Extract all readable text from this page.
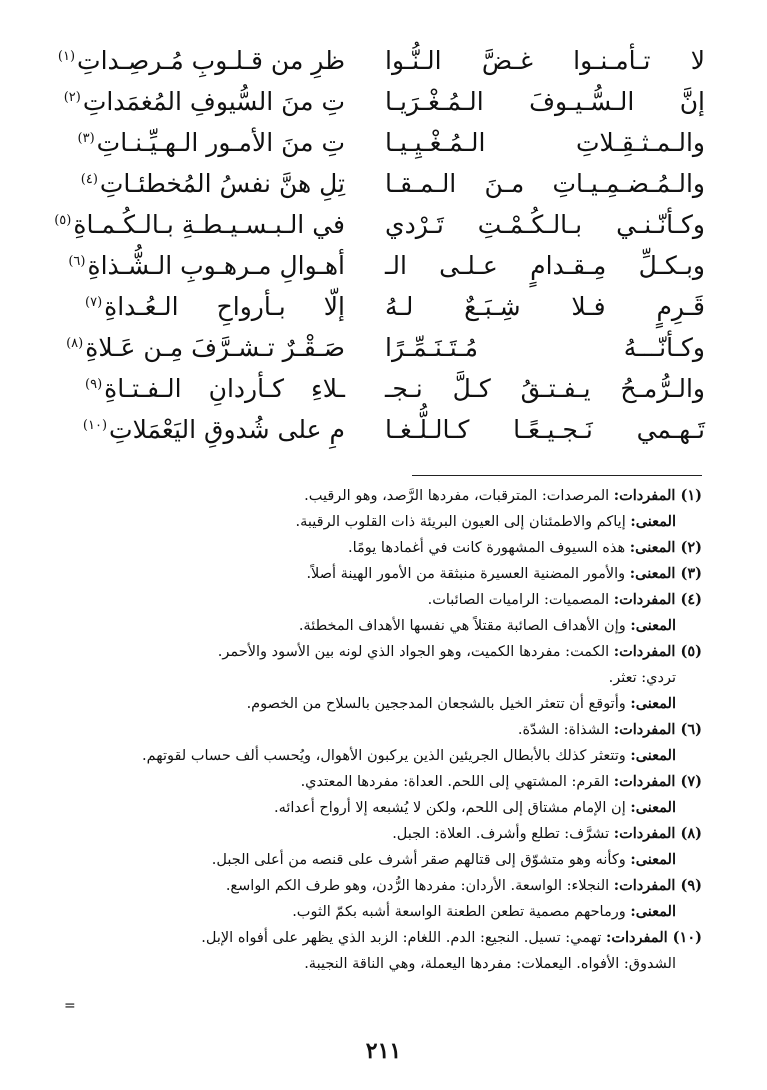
لا تـأمـنـوا غـضَّ الـنُّـوا
ظرِ من قـلـوبِ مُـرصِـداتِ$^{(١)}$
إنَّ الـسُّـيـوفَ الـمُـغْـرَيـا
تِ منَ السُّيوفِ المُغمَداتِ$^{(٢)}$
والـمـثـقِـلاتِ الـمُـغْـيِـيـا
تِ منَ الأمـور الـهـيِّـنـاتِ$^{(٣)}$
والـمُـضـمِـيـاتِ مـنَ الـمـقـا
تِلِ هنَّ نفسُ المُخطئـاتِ$^{(٤)}$
وكـأنّـنـي بـالـكُـمْـتِ تَـرْدي
في الـبـسـيـطـةِ بـالـكُـمـاةِ$^{(٥)}$
وبـكـلِّ مِـقـدامٍ عـلـى الـ
أهـوالِ مـرهـوبِ الـشُّـذاةِ$^{(٦)}$
قَـرِمٍ فـلا شِـبَـعٌ لـهُ
إلّا بـأرواحِ الـعُـداةِ$^{(٧)}$
وكـأنّـــهُ مُـتَـنَـمِّـرًا
صَـقْـرٌ تـشـرَّفَ مِـن عَـلاةِ$^{(٨)}$
والـرُّمـحُ يـفـتـقُ كـلَّ نـجـ
ـلاءِ كـأردانِ الـفـتـاةِ$^{(٩)}$
تَـهـمي نَـجـيـعًـا كـالـلُّـغـا
مِ على شُدوقِ اليَعْمَلاتِ$^{(١٠)}$
(١) المفردات: المرصدات: المترقبات، مفردها الرَّصد، وهو الرقيب.
المعنى: إياكم والاطمئنان إلى العيون البريئة ذات القلوب الرقيبة.
(٢) المعنى: هذه السيوف المشهورة كانت في أغمادها يومًا.
(٣) المعنى: والأمور المضنية العسيرة منبثقة من الأمور الهينة أصلاً.
(٤) المفردات: المصميات: الراميات الصائبات.
المعنى: وإن الأهداف الصائبة مقتلاً هي نفسها الأهداف المخطئة.
(٥) المفردات: الكمت: مفردها الكميت، وهو الجواد الذي لونه بين الأسود والأحمر.
تردي: تعثر.
المعنى: وأتوقع أن تتعثر الخيل بالشجعان المدججين بالسلاح من الخصوم.
(٦) المفردات: الشذاة: الشدّة.
المعنى: وتتعثر كذلك بالأبطال الجريئين الذين يركبون الأهوال، ويُحسب ألف حساب لقوتهم.
(٧) المفردات: القرم: المشتهي إلى اللحم. العداة: مفردها المعتدي.
المعنى: إن الإمام مشتاق إلى اللحم، ولكن لا يُشبعه إلا أرواح أعدائه.
(٨) المفردات: تشرَّف: تطلع وأشرف. العلاة: الجبل.
المعنى: وكأنه وهو متشوّق إلى قتالهم صقر أشرف على قنصه من أعلى الجبل.
(٩) المفردات: النجلاء: الواسعة. الأردان: مفردها الرُّدن، وهو طرف الكم الواسع.
المعنى: ورماحهم مصمية تطعن الطعنة الواسعة أشبه بكمّ الثوب.
(١٠) المفردات: تهمي: تسيل. النجيع: الدم. اللغام: الزبد الذي يظهر على أفواه الإبل.
الشدوق: الأفواه. اليعملات: مفردها اليعملة، وهي الناقة النجيبة.
=
٢١١
